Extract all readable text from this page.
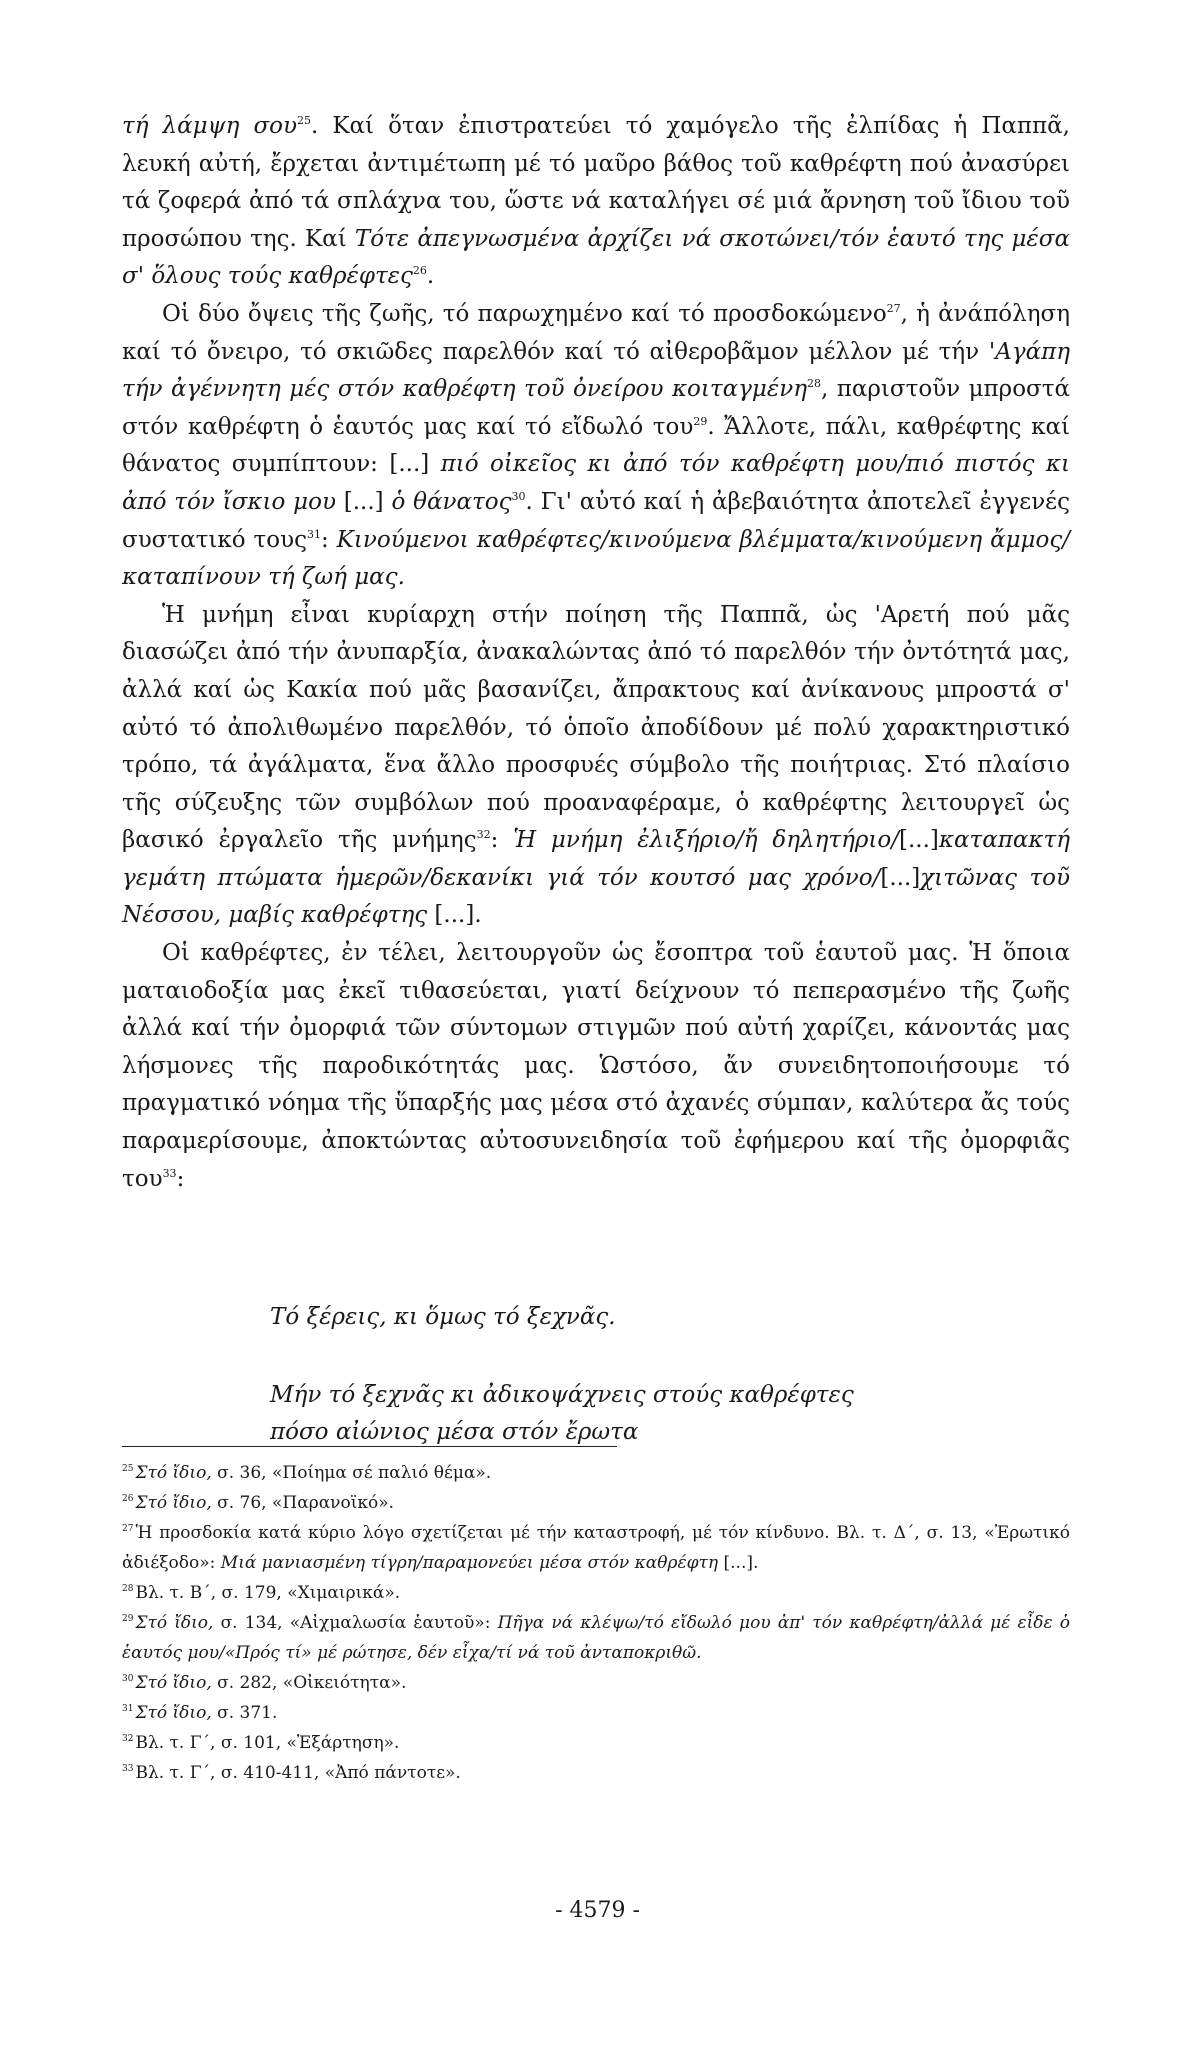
τή λάμψη σου$^{25}$. Καί ὅταν ἐπιστρατεύει τό χαμόγελο τῆς ἐλπίδας ἡ Παππᾶ, λευκή αὐτή, ἔρχεται ἀντιμέτωπη μέ τό μαῦρο βάθος τοῦ καθρέφτη πού ἀνασύρει τά ζοφερά ἀπό τά σπλάχνα του, ὥστε νά καταλήγει σέ μιά ἄρνηση τοῦ ἴδιου τοῦ προσώπου της. Καί Τότε ἀπεγνωσμένα ἀρχίζει νά σκοτώνει/τόν ἑαυτό της μέσα σ' ὅλους τούς καθρέφτες$^{26}$.

Οἱ δύο ὄψεις τῆς ζωῆς, τό παρωχημένο καί τό προσδοκώμενο$^{27}$, ἡ ἀνάπόληση καί τό ὄνειρο, τό σκιῶδες παρελθόν καί τό αἰθεροβᾶμον μέλλον μέ τήν 'Αγάπη τήν ἀγέννητη μές στόν καθρέφτη τοῦ ὀνείρου κοιταγμένη$^{28}$, παριστοῦν μπροστά στόν καθρέφτη ὁ ἑαυτός μας καί τό εἴδωλό του$^{29}$. Ἄλλοτε, πάλι, καθρέφτης καί θάνατος συμπίπτουν: [...] πιό οἰκεῖος κι ἀπό τόν καθρέφτη μου/πιό πιστός κι ἀπό τόν ἴσκιο μου [...] ὁ θάνατος$^{30}$. Γι' αὐτό καί ἡ ἀβεβαιότητα ἀποτελεῖ ἐγγενές συστατικό τους$^{31}$: Κινούμενοι καθρέφτες/κινούμενα βλέμματα/κινούμενη ἄμμος/καταπίνουν τή ζωή μας.

Ἡ μνήμη εἶναι κυρίαρχη στήν ποίηση τῆς Παππᾶ, ὡς 'Αρετή πού μᾶς διασώζει ἀπό τήν ἀνυπαρξία, ἀνακαλώντας ἀπό τό παρελθόν τήν ὀντότητά μας, ἀλλά καί ὡς Κακία πού μᾶς βασανίζει, ἄπρακτους καί ἀνίκανους μπροστά σ' αὐτό τό ἀπολιθωμένο παρελθόν, τό ὁποῖο ἀποδίδουν μέ πολύ χαρακτηριστικό τρόπο, τά ἀγάλματα, ἕνα ἄλλο προσφυές σύμβολο τῆς ποιήτριας. Στό πλαίσιο τῆς σύζευξης τῶν συμβόλων πού προαναφέραμε, ὁ καθρέφτης λειτουργεῖ ὡς βασικό ἐργαλεῖο τῆς μνήμης$^{32}$: Ἡ μνήμη ἐλιξήριο/ἤ δηλητήριο/[...]καταπακτή γεμάτη πτώματα ἡμερῶν/δεκανίκι γιά τόν κουτσό μας χρόνο/[...]χιτῶνας τοῦ Νέσσου, μαβίς καθρέφτης [...].

Οἱ καθρέφτες, ἐν τέλει, λειτουργοῦν ὡς ἔσοπτρα τοῦ ἑαυτοῦ μας. Ἡ ὅποια ματαιοδοξία μας ἐκεῖ τιθασεύεται, γιατί δείχνουν τό πεπερασμένο τῆς ζωῆς ἀλλά καί τήν ὀμορφιά τῶν σύντομων στιγμῶν πού αὐτή χαρίζει, κάνοντάς μας λήσμονες τῆς παροδικότητάς μας. Ὡστόσο, ἄν συνειδητοποιήσουμε τό πραγματικό νόημα τῆς ὕπαρξής μας μέσα στό ἀχανές σύμπαν, καλύτερα ἄς τούς παραμερίσουμε, ἀποκτώντας αὐτοσυνειδησία τοῦ ἐφήμερου καί τῆς ὀμορφιᾶς του$^{33}$:

Τό ξέρεις, κι ὅμως τό ξεχνᾶς.
Μήν τό ξεχνᾶς κι ἀδικοψάχνεις στούς καθρέφτες
πόσο αἰώνιος μέσα στόν ἔρωτα

$^{25}$ Στό ἴδιο, σ. 36, «Ποίημα σέ παλιό θέμα».

$^{26}$ Στό ἴδιο, σ. 76, «Παρανοϊκό».

$^{27}$ Ἡ προσδοκία κατά κύριο λόγο σχετίζεται μέ τήν καταστροφή, μέ τόν κίνδυνο. Βλ. τ. Δ΄, σ. 13, «Ἐρωτικό ἀδιέξοδο»: Μιά μανιασμένη τίγρη/παραμονεύει μέσα στόν καθρέφτη [...].

$^{28}$ Βλ. τ. Β΄, σ. 179, «Χιμαιρικά».

$^{29}$ Στό ἴδιο, σ. 134, «Αἰχμαλωσία ἑαυτοῦ»: Πῆγα νά κλέψω/τό εἴδωλό μου ἀπ' τόν καθρέφτη/ἀλλά μέ εἶδε ὁ ἑαυτός μου/«Πρός τί» μέ ρώτησε, δέν εἶχα/τί νά τοῦ ἀνταποκριθῶ.

$^{30}$ Στό ἴδιο, σ. 282, «Οἰκειότητα».

$^{31}$ Στό ἴδιο, σ. 371.

$^{32}$ Βλ. τ. Γ΄, σ. 101, «Ἐξάρτηση».

$^{33}$ Βλ. τ. Γ΄, σ. 410-411, «Ἀπό πάντοτε».

- 4579 -
